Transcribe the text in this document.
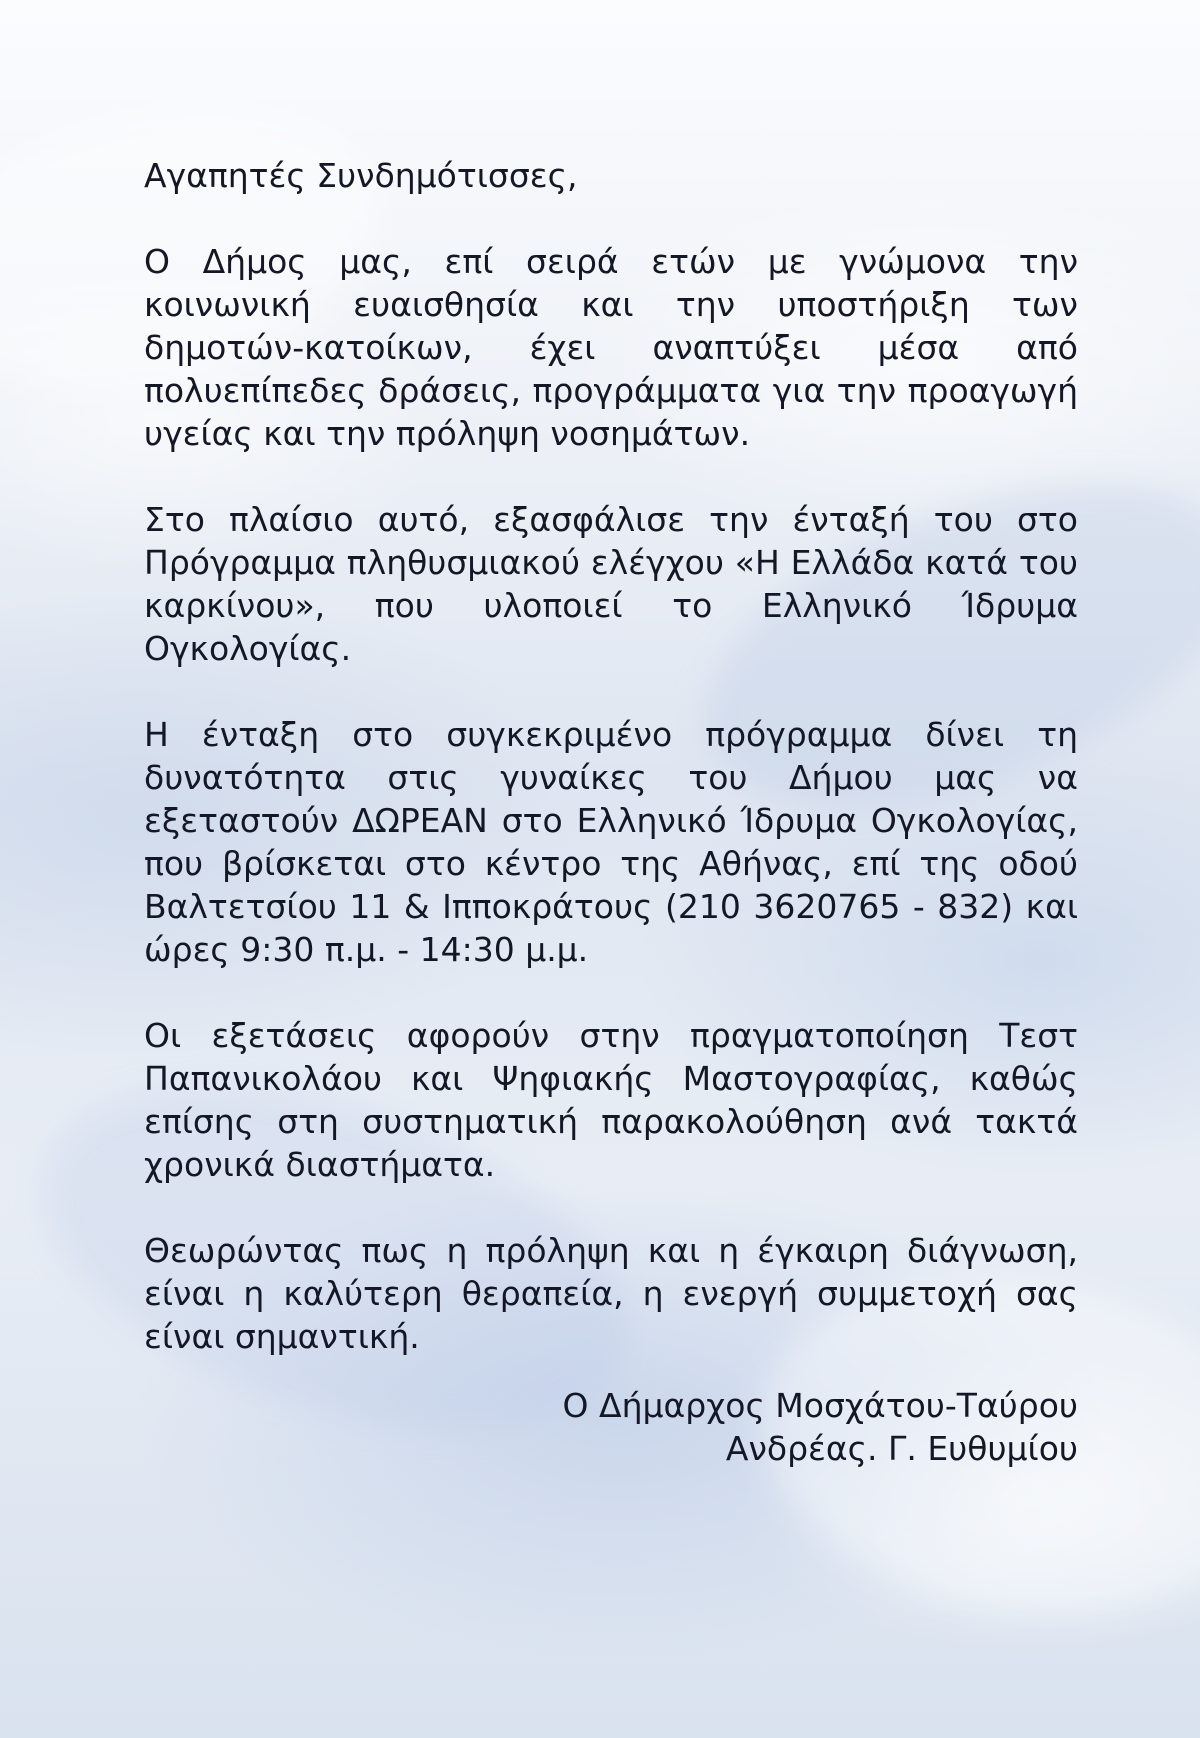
Αγαπητές Συνδημότισσες,

Ο Δήμος μας, επί σειρά ετών με γνώμονα την κοινωνική ευαισθησία και την υποστήριξη των δημοτών-κατοίκων, έχει αναπτύξει μέσα από πολυεπίπεδες δράσεις, προγράμματα για την προαγωγή υγείας και την πρόληψη νοσημάτων.

Στο πλαίσιο αυτό, εξασφάλισε την ένταξή του στο Πρόγραμμα πληθυσμιακού ελέγχου «Η Ελλάδα κατά του καρκίνου», που υλοποιεί το Ελληνικό Ίδρυμα Ογκολογίας.

Η ένταξη στο συγκεκριμένο πρόγραμμα δίνει τη δυνατότητα στις γυναίκες του Δήμου μας να εξεταστούν ΔΩΡΕΑΝ στο Ελληνικό Ίδρυμα Ογκολογίας, που βρίσκεται στο κέντρο της Αθήνας, επί της οδού Βαλτετσίου 11 & Ιπποκράτους (210 3620765 - 832) και ώρες 9:30 π.μ. - 14:30 μ.μ.

Οι εξετάσεις αφορούν στην πραγματοποίηση Τεστ Παπανικολάου και Ψηφιακής Μαστογραφίας, καθώς επίσης στη συστηματική παρακολούθηση ανά τακτά χρονικά διαστήματα.

Θεωρώντας πως η πρόληψη και η έγκαιρη διάγνωση, είναι η καλύτερη θεραπεία, η ενεργή συμμετοχή σας είναι σημαντική.

Ο Δήμαρχος Μοσχάτου-Ταύρου
Ανδρέας. Γ. Ευθυμίου
